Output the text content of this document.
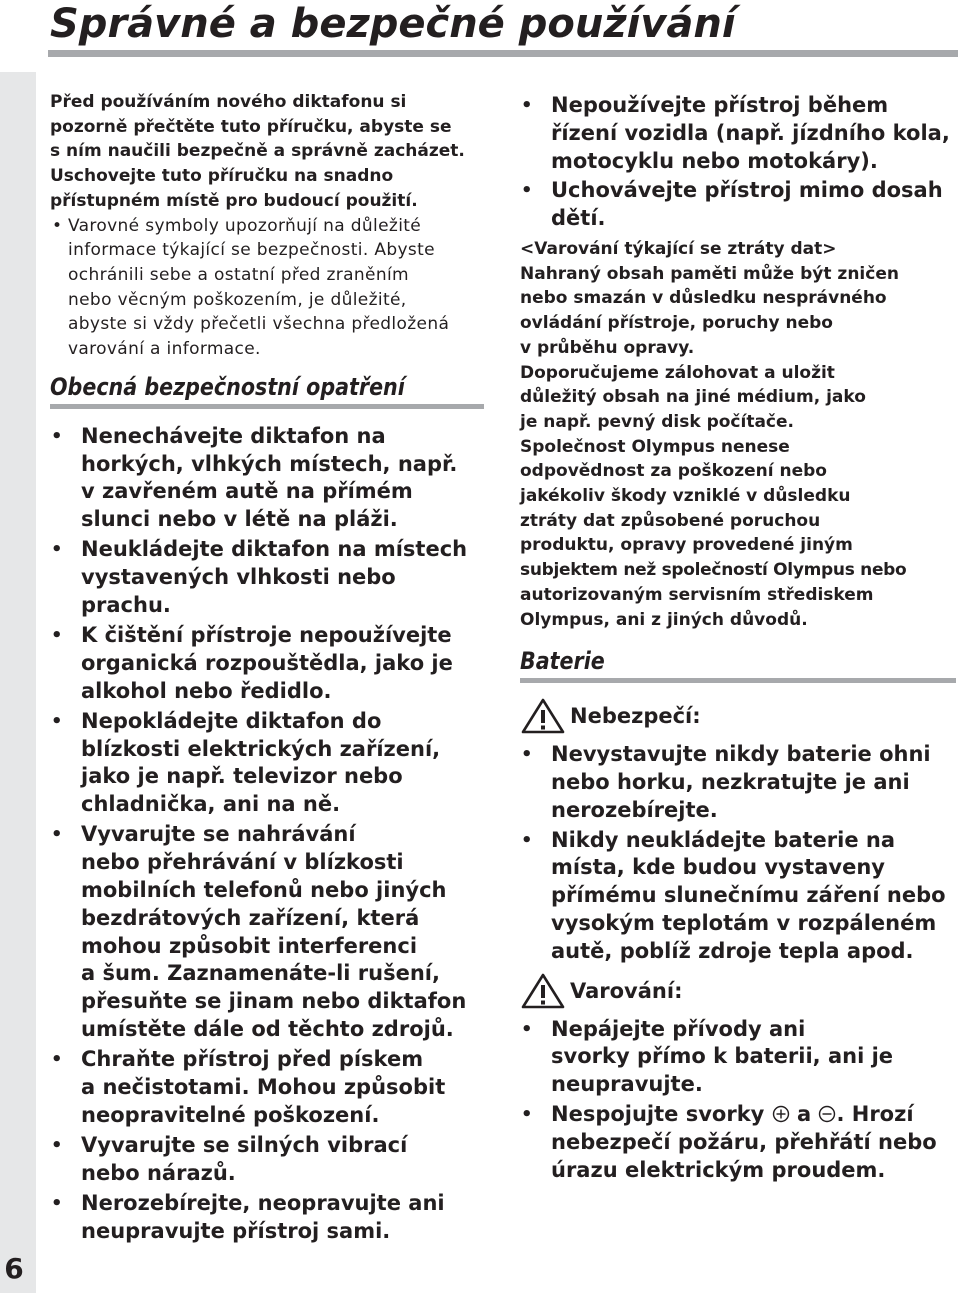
Správné a bezpečné používání
6

Před používáním nového diktafonu si

pozorně přečtěte tuto příručku, abyste se

s ním naučili bezpečně a správně zacházet.

Uschovejte tuto příručku na snadno

přístupném místě pro budoucí použití.

• Varovné symboly upozorňují na důležité
informace týkající se bezpečnosti. Abyste
ochránili sebe a ostatní před zraněním
nebo věcným poškozením, je důležité,
abyste si vždy přečetli všechna předložená
varování a informace.
Obecná bezpečnostní opatření
• Nenechávejte diktafon na
horkých, vlhkých místech, např.
v zavřeném autě na přímém
slunci nebo v létě na pláži.
• Neukládejte diktafon na místech
vystavených vlhkosti nebo
prachu.
• K čištění přístroje nepoužívejte
organická rozpouštědla, jako je
alkohol nebo ředidlo.
• Nepokládejte diktafon do
blízkosti elektrických zařízení,
jako je např. televizor nebo
chladnička, ani na ně.
• Vyvarujte se nahrávání
nebo přehrávání v blízkosti
mobilních telefonů nebo jiných
bezdrátových zařízení, která
mohou způsobit interferenci
a šum. Zaznamenáte-li rušení,
přesuňte se jinam nebo diktafon
umístěte dále od těchto zdrojů.
• Chraňte přístroj před pískem
a nečistotami. Mohou způsobit
neopravitelné poškození.
• Vyvarujte se silných vibrací
nebo nárazů.
• Nerozebírejte, neopravujte ani
neupravujte přístroj sami.
• Nepoužívejte přístroj během
řízení vozidla (např. jízdního kola,
motocyklu nebo motokáry).
• Uchovávejte přístroj mimo dosah
dětí.

<Varování týkající se ztráty dat>

Nahraný obsah paměti může být zničen

nebo smazán v důsledku nesprávného

ovládání přístroje, poruchy nebo

v průběhu opravy.

Doporučujeme zálohovat a uložit

důležitý obsah na jiné médium, jako

je např. pevný disk počítače.

Společnost Olympus nenese

odpovědnost za poškození nebo

jakékoliv škody vzniklé v důsledku

ztráty dat způsobené poruchou

produktu, opravy provedené jiným

subjektem než společností Olympus nebo

autorizovaným servisním střediskem

Olympus, ani z jiných důvodů.

Baterie
Nebezpečí:
• Nevystavujte nikdy baterie ohni
nebo horku, nezkratujte je ani
nerozebírejte.
• Nikdy neukládejte baterie na
místa, kde budou vystaveny
přímému slunečnímu záření nebo
vysokým teplotám v rozpáleném
autě, poblíž zdroje tepla apod.
Varování:
• Nepájejte přívody ani
svorky přímo k baterii, ani je
neupravujte.
• Nespojujte svorky a . Hrozí
nebezpečí požáru, přehřátí nebo
úrazu elektrickým proudem.
